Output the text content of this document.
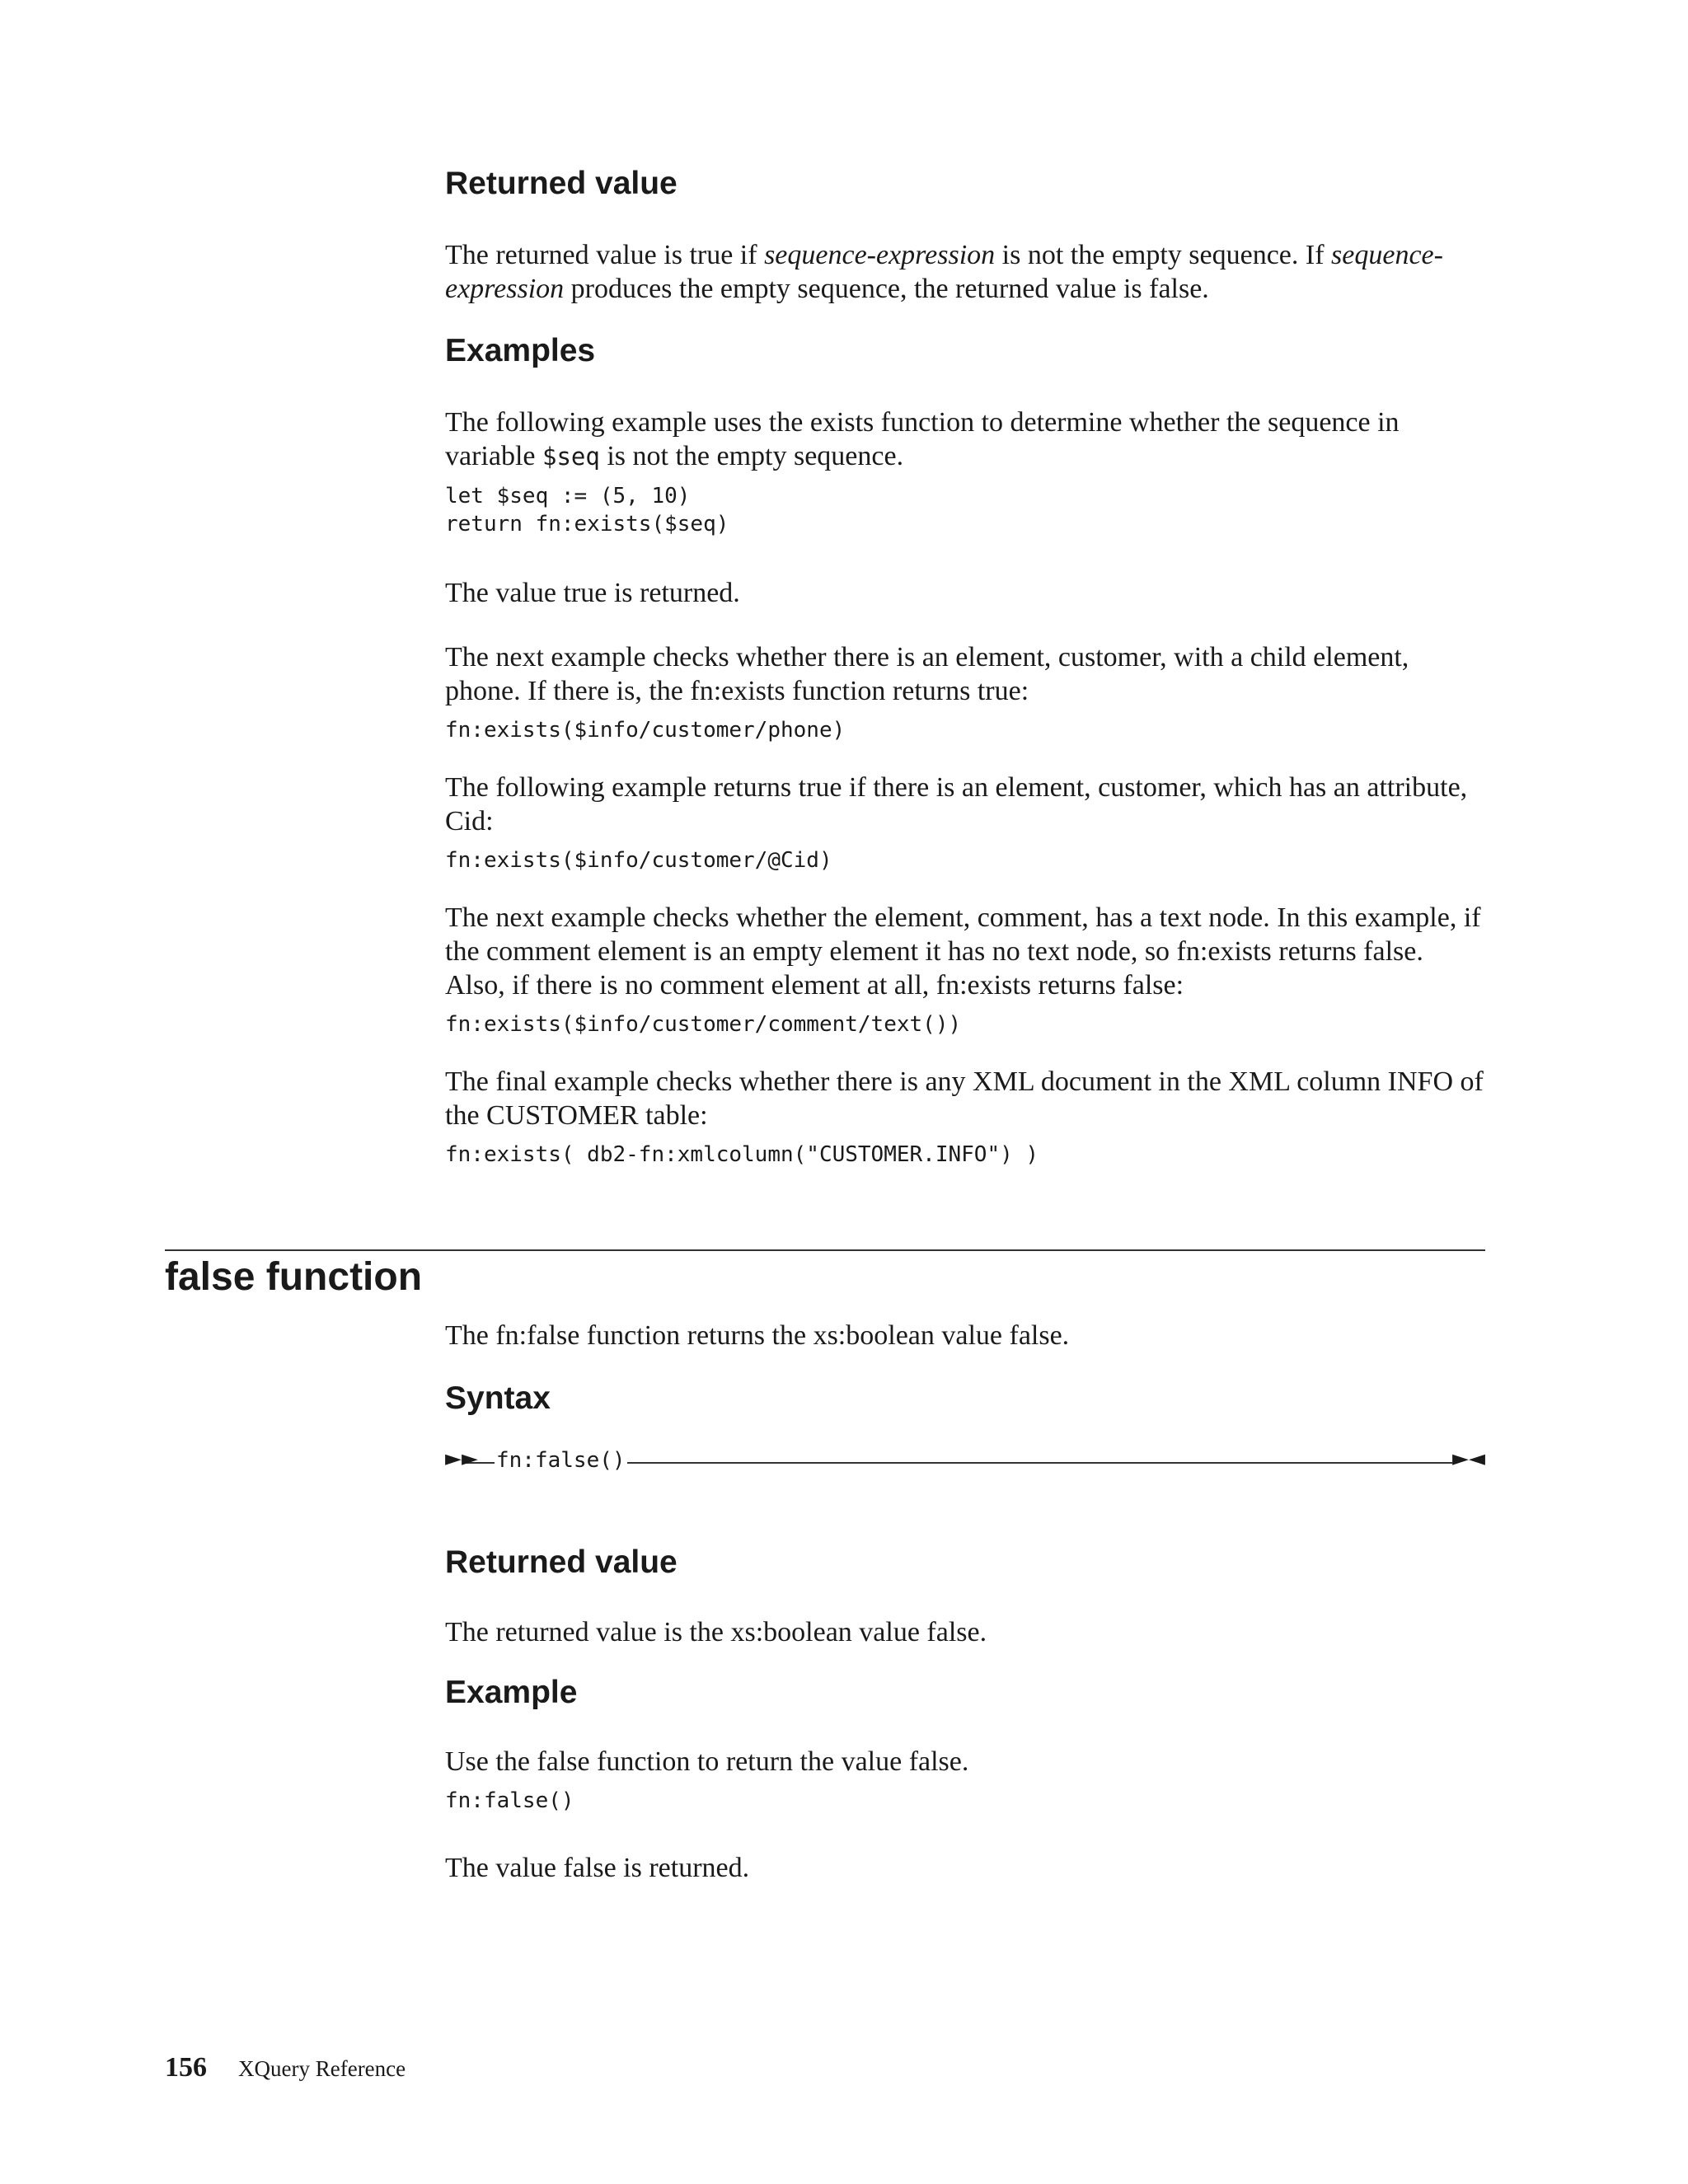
Returned value

The returned value is true if sequence-expression is not the empty sequence. If sequence-expression produces the empty sequence, the returned value is false.

Examples

The following example uses the exists function to determine whether the sequence in variable $seq is not the empty sequence.

let $seq := (5, 10)
return fn:exists($seq)

The value true is returned.

The next example checks whether there is an element, customer, with a child element, phone. If there is, the fn:exists function returns true:

fn:exists($info/customer/phone)

The following example returns true if there is an element, customer, which has an attribute, Cid:

fn:exists($info/customer/@Cid)

The next example checks whether the element, comment, has a text node. In this example, if the comment element is an empty element it has no text node, so fn:exists returns false. Also, if there is no comment element at all, fn:exists returns false:

fn:exists($info/customer/comment/text())

The final example checks whether there is any XML document in the XML column INFO of the CUSTOMER table:

fn:exists( db2-fn:xmlcolumn("CUSTOMER.INFO") )
false function

The fn:false function returns the xs:boolean value false.

Syntax
►► fn:false()	►◄
Returned value

The returned value is the xs:boolean value false.

Example

Use the false function to return the value false.

fn:false()

The value false is returned.

156 XQuery Reference
